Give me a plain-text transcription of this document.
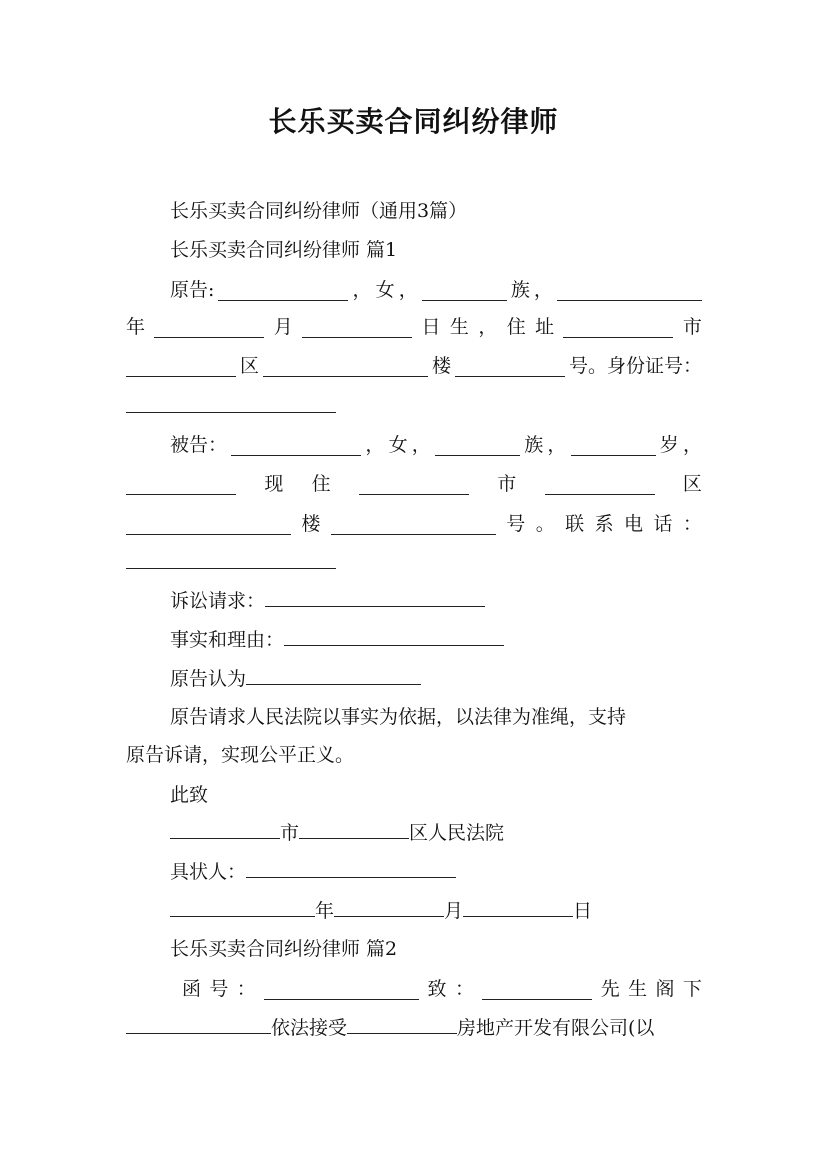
长乐买卖合同纠纷律师
长乐买卖合同纠纷律师（通用3篇）
长乐买卖合同纠纷律师 篇1
原告:	， 女 ，	族 ，
年	月	日 生 ， 住 址	市
区	楼	号。身份证号：
被告：	， 女 ，	族 ，	岁 ，
现 住	市	区
楼	号 。 联 系 电 话 ：
诉讼请求：
事实和理由：
原告认为
原告请求人民法院以事实为依据，以法律为准绳，支持
原告诉请，实现公平正义。
此致
市	区人民法院
具状人：
年	月	日
长乐买卖合同纠纷律师 篇2
函 号 ：	致 ：	先 生 阁 下
依法接受	房地产开发有限公司(以
